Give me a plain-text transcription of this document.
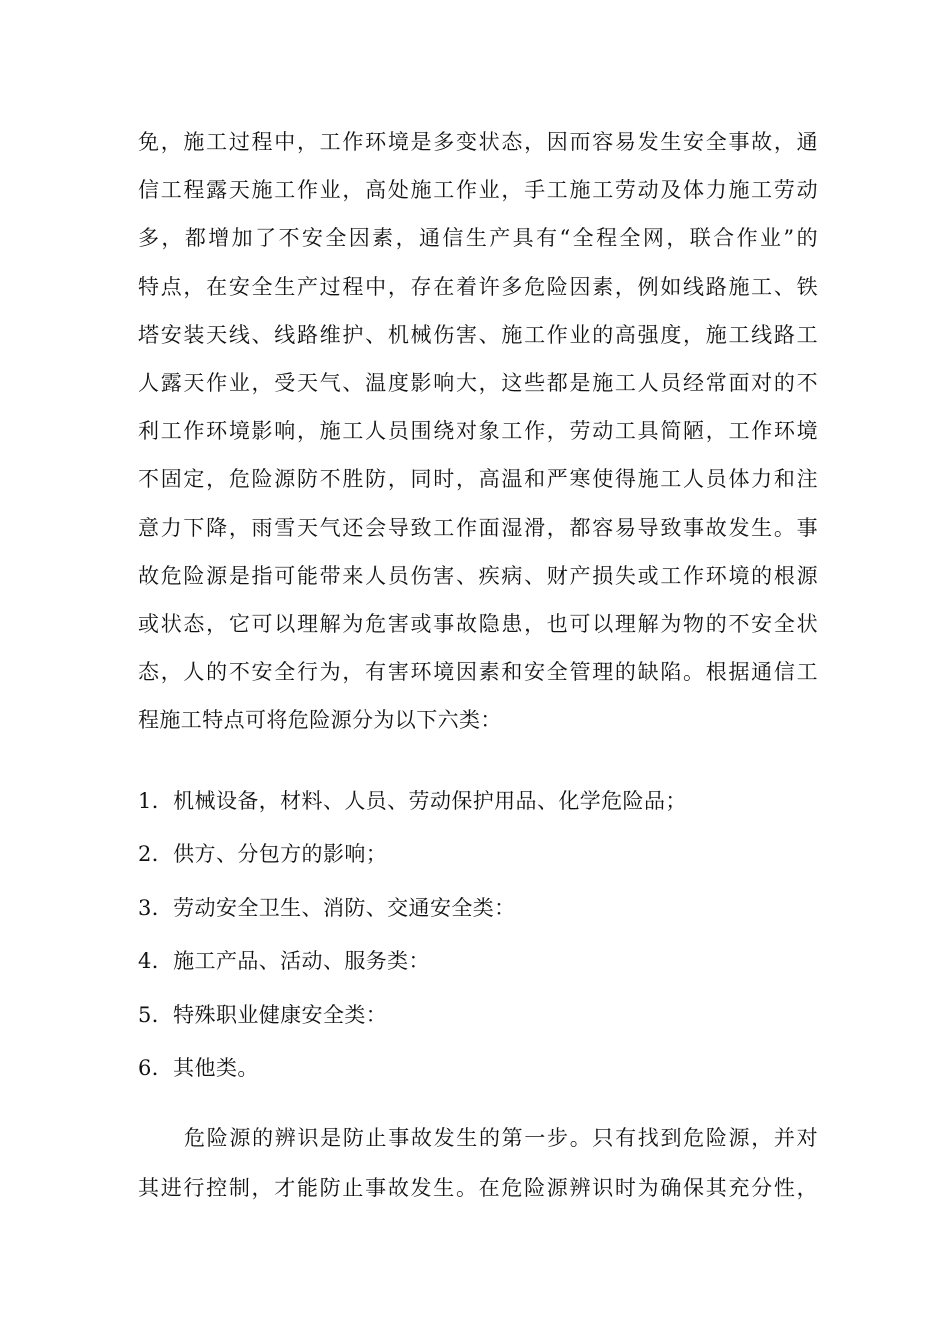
免，施工过程中，工作环境是多变状态，因而容易发生安全事故，通
信工程露天施工作业，高处施工作业，手工施工劳动及体力施工劳动
多，都增加了不安全因素，通信生产具有“全程全网，联合作业”的
特点，在安全生产过程中，存在着许多危险因素，例如线路施工、铁
塔安装天线、线路维护、机械伤害、施工作业的高强度，施工线路工
人露天作业，受天气、温度影响大，这些都是施工人员经常面对的不
利工作环境影响，施工人员围绕对象工作，劳动工具简陋，工作环境
不固定，危险源防不胜防，同时，高温和严寒使得施工人员体力和注
意力下降，雨雪天气还会导致工作面湿滑，都容易导致事故发生。事
故危险源是指可能带来人员伤害、疾病、财产损失或工作环境的根源
或状态，它可以理解为危害或事故隐患，也可以理解为物的不安全状
态，人的不安全行为，有害环境因素和安全管理的缺陷。根据通信工
程施工特点可将危险源分为以下六类：
1．机械设备，材料、人员、劳动保护用品、化学危险品；
2．供方、分包方的影响；
3．劳动安全卫生、消防、交通安全类：
4．施工产品、活动、服务类：
5．特殊职业健康安全类：
6．其他类。
危险源的辨识是防止事故发生的第一步。只有找到危险源，并对
其进行控制，才能防止事故发生。在危险源辨识时为确保其充分性，
